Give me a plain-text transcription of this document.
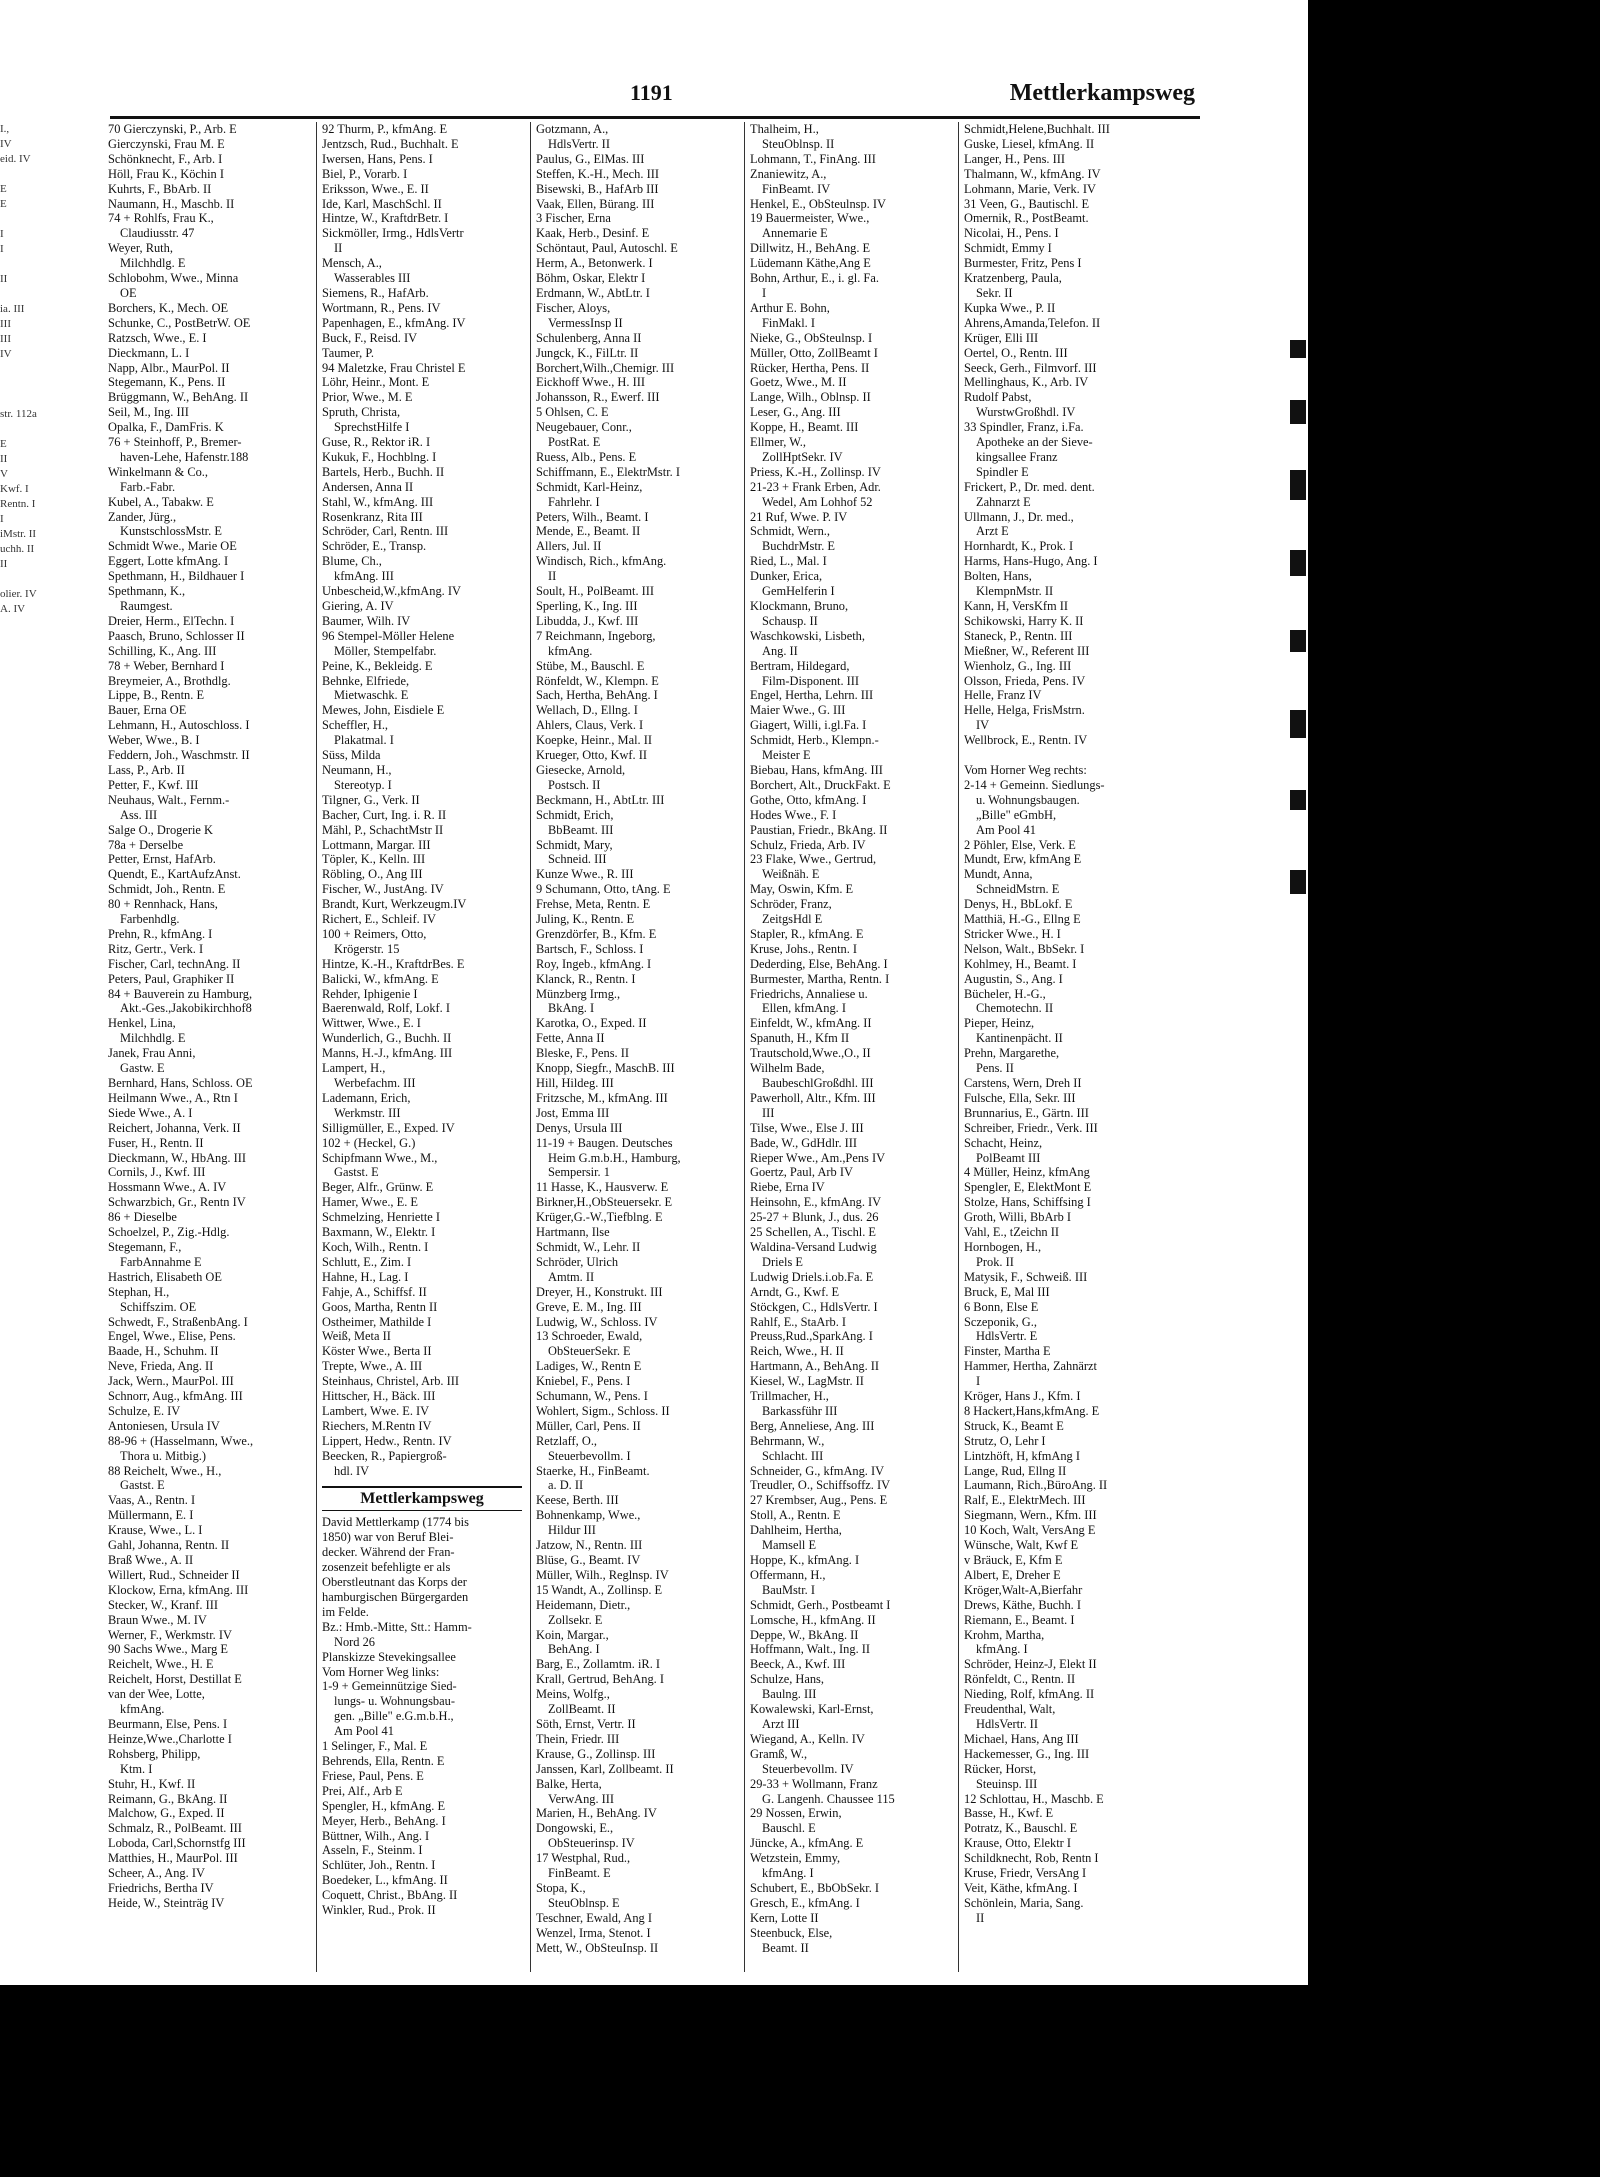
1191	Mettlerkampsweg
I.,
IV
eid. IV

E
E

I
I

II

ia. III
III
III
IV

str. 112a

E
II
V
Kwf. I
Rentn. I
I
iMstr. II
uchh. II
II

olier. IV
A. IV
70 Gierczynski, P., Arb. E
Gierczynski, Frau M. E
Schönknecht, F., Arb. I
Höll, Frau K., Köchin I
Kuhrts, F., BbArb. II
Naumann, H., Maschb. II
74 + Rohlfs, Frau K.,
Claudiusstr. 47
Weyer, Ruth,
Milchhdlg. E
Schlobohm, Wwe., Minna
OE
Borchers, K., Mech. OE
Schunke, C., PostBetrW. OE
Ratzsch, Wwe., E. I
Dieckmann, L. I
Napp, Albr., MaurPol. II
Stegemann, K., Pens. II
Brüggmann, W., BehAng. II
Seil, M., Ing. III
Opalka, F., DamFris. K
76 + Steinhoff, P., Bremer-
haven-Lehe, Hafenstr.188
Winkelmann & Co.,
Farb.-Fabr.
Kubel, A., Tabakw. E
Zander, Jürg.,
KunstschlossMstr. E
Schmidt Wwe., Marie OE
Eggert, Lotte kfmAng. I
Spethmann, H., Bildhauer I
Spethmann, K.,
Raumgest.
Dreier, Herm., ElTechn. I
Paasch, Bruno, Schlosser II
Schilling, K., Ang. III
78 + Weber, Bernhard I
Breymeier, A., Brothdlg.
Lippe, B., Rentn. E
Bauer, Erna OE
Lehmann, H., Autoschloss. I
Weber, Wwe., B. I
Feddern, Joh., Waschmstr. II
Lass, P., Arb. II
Petter, F., Kwf. III
Neuhaus, Walt., Fernm.-
Ass. III
Salge O., Drogerie K
78a + Derselbe
Petter, Ernst, HafArb.
Quendt, E., KartAufzAnst.
Schmidt, Joh., Rentn. E
80 + Rennhack, Hans,
Farbenhdlg.
Prehn, R., kfmAng. I
Ritz, Gertr., Verk. I
Fischer, Carl, technAng. II
Peters, Paul, Graphiker II
84 + Bauverein zu Hamburg,
Akt.-Ges.,Jakobikirchhof8
Henkel, Lina,
Milchhdlg. E
Janek, Frau Anni,
Gastw. E
Bernhard, Hans, Schloss. OE
Heilmann Wwe., A., Rtn I
Siede Wwe., A. I
Reichert, Johanna, Verk. II
Fuser, H., Rentn. II
Dieckmann, W., HbAng. III
Cornils, J., Kwf. III
Hossmann Wwe., A. IV
Schwarzbich, Gr., Rentn IV
86 + Dieselbe
Schoelzel, P., Zig.-Hdlg.
Stegemann, F.,
FarbAnnahme E
Hastrich, Elisabeth OE
Stephan, H.,
Schiffszim. OE
Schwedt, F., StraßenbAng. I
Engel, Wwe., Elise, Pens.
Baade, H., Schuhm. II
Neve, Frieda, Ang. II
Jack, Wern., MaurPol. III
Schnorr, Aug., kfmAng. III
Schulze, E. IV
Antoniesen, Ursula IV
88-96 + (Hasselmann, Wwe.,
Thora u. Mitbig.)
88 Reichelt, Wwe., H.,
Gastst. E
Vaas, A., Rentn. I
Müllermann, E. I
Krause, Wwe., L. I
Gahl, Johanna, Rentn. II
Braß Wwe., A. II
Willert, Rud., Schneider II
Klockow, Erna, kfmAng. III
Stecker, W., Kranf. III
Braun Wwe., M. IV
Werner, F., Werkmstr. IV
90 Sachs Wwe., Marg E
Reichelt, Wwe., H. E
Reichelt, Horst, Destillat E
van der Wee, Lotte,
kfmAng.
Beurmann, Else, Pens. I
Heinze,Wwe.,Charlotte I
Rohsberg, Philipp,
Ktm. I
Stuhr, H., Kwf. II
Reimann, G., BkAng. II
Malchow, G., Exped. II
Schmalz, R., PolBeamt. III
Loboda, Carl,Schornstfg III
Matthies, H., MaurPol. III
Scheer, A., Ang. IV
Friedrichs, Bertha IV
Heide, W., Steinträg IV
92 Thurm, P., kfmAng. E
Jentzsch, Rud., Buchhalt. E
Iwersen, Hans, Pens. I
Biel, P., Vorarb. I
Eriksson, Wwe., E. II
Ide, Karl, MaschSchl. II
Hintze, W., KraftdrBetr. I
Sickmöller, Irmg., HdlsVertr
II
Mensch, A.,
Wasserables III
Siemens, R., HafArb.
Wortmann, R., Pens. IV
Papenhagen, E., kfmAng. IV
Buck, F., Reisd. IV
Taumer, P.
94 Maletzke, Frau Christel E
Löhr, Heinr., Mont. E
Prior, Wwe., M. E
Spruth, Christa,
SprechstHilfe I
Guse, R., Rektor iR. I
Kukuk, F., Hochblng. I
Bartels, Herb., Buchh. II
Andersen, Anna II
Stahl, W., kfmAng. III
Rosenkranz, Rita III
Schröder, Carl, Rentn. III
Schröder, E., Transp.
Blume, Ch.,
kfmAng. III
Unbescheid,W.,kfmAng. IV
Giering, A. IV
Baumer, Wilh. IV
96 Stempel-Möller Helene
Möller, Stempelfabr.
Peine, K., Bekleidg. E
Behnke, Elfriede,
Mietwaschk. E
Mewes, John, Eisdiele E
Scheffler, H.,
Plakatmal. I
Süss, Milda
Neumann, H.,
Stereotyp. I
Tilgner, G., Verk. II
Bacher, Curt, Ing. i. R. II
Mähl, P., SchachtMstr II
Lottmann, Margar. III
Töpler, K., Kelln. III
Röbling, O., Ang III
Fischer, W., JustAng. IV
Brandt, Kurt, Werkzeugm.IV
Richert, E., Schleif. IV
100 + Reimers, Otto,
Krögerstr. 15
Hintze, K.-H., KraftdrBes. E
Balicki, W., kfmAng. E
Rehder, Iphigenie I
Baerenwald, Rolf, Lokf. I
Wittwer, Wwe., E. I
Wunderlich, G., Buchh. II
Manns, H.-J., kfmAng. III
Lampert, H.,
Werbefachm. III
Lademann, Erich,
Werkmstr. III
Silligmüller, E., Exped. IV
102 + (Heckel, G.)
Schipfmann Wwe., M.,
Gastst. E
Beger, Alfr., Grünw. E
Hamer, Wwe., E. E
Schmelzing, Henriette I
Baxmann, W., Elektr. I
Koch, Wilh., Rentn. I
Schlutt, E., Zim. I
Hahne, H., Lag. I
Fahje, A., Schiffsf. II
Goos, Martha, Rentn II
Ostheimer, Mathilde I
Weiß, Meta II
Köster Wwe., Berta II
Trepte, Wwe., A. III
Steinhaus, Christel, Arb. III
Hittscher, H., Bäck. III
Lambert, Wwe. E. IV
Riechers, M.Rentn IV
Lippert, Hedw., Rentn. IV
Beecken, R., Papiergroß-
hdl. IV
Mettlerkampsweg
David Mettlerkamp (1774 bis
1850) war von Beruf Blei-
decker. Während der Fran-
zosenzeit befehligte er als
Oberstleutnant das Korps der
hamburgischen Bürgergarden
im Felde.
Bz.: Hmb.-Mitte, Stt.: Hamm-
Nord 26
Planskizze Stevekingsallee
Vom Horner Weg links:
1-9 + Gemeinnützige Sied-
lungs- u. Wohnungsbau-
gen. „Bille" e.G.m.b.H.,
Am Pool 41
1 Selinger, F., Mal. E
Behrends, Ella, Rentn. E
Friese, Paul, Pens. E
Prei, Alf., Arb E
Spengler, H., kfmAng. E
Meyer, Herb., BehAng. I
Büttner, Wilh., Ang. I
Asseln, F., Steinm. I
Schlüter, Joh., Rentn. I
Boedeker, L., kfmAng. II
Coquett, Christ., BbAng. II
Winkler, Rud., Prok. II
Gotzmann, A.,
HdlsVertr. II
Paulus, G., ElMas. III
Steffen, K.-H., Mech. III
Bisewski, B., HafArb III
Vaak, Ellen, Bürang. III
3 Fischer, Erna
Kaak, Herb., Desinf. E
Schöntaut, Paul, Autoschl. E
Herm, A., Betonwerk. I
Böhm, Oskar, Elektr I
Erdmann, W., AbtLtr. I
Fischer, Aloys,
VermessInsp II
Schulenberg, Anna II
Jungck, K., FilLtr. II
Borchert,Wilh.,Chemigr. III
Eickhoff Wwe., H. III
Johansson, R., Ewerf. III
5 Ohlsen, C. E
Neugebauer, Conr.,
PostRat. E
Ruess, Alb., Pens. E
Schiffmann, E., ElektrMstr. I
Schmidt, Karl-Heinz,
Fahrlehr. I
Peters, Wilh., Beamt. I
Mende, E., Beamt. II
Allers, Jul. II
Windisch, Rich., kfmAng.
II
Soult, H., PolBeamt. III
Sperling, K., Ing. III
Libudda, J., Kwf. III
7 Reichmann, Ingeborg,
kfmAng.
Stübe, M., Bauschl. E
Rönfeldt, W., Klempn. E
Sach, Hertha, BehAng. I
Wellach, D., Ellng. I
Ahlers, Claus, Verk. I
Koepke, Heinr., Mal. II
Krueger, Otto, Kwf. II
Giesecke, Arnold,
Postsch. II
Beckmann, H., AbtLtr. III
Schmidt, Erich,
BbBeamt. III
Schmidt, Mary,
Schneid. III
Kunze Wwe., R. III
9 Schumann, Otto, tAng. E
Frehse, Meta, Rentn. E
Juling, K., Rentn. E
Grenzdörfer, B., Kfm. E
Bartsch, F., Schloss. I
Roy, Ingeb., kfmAng. I
Klanck, R., Rentn. I
Münzberg Irmg.,
BkAng. I
Karotka, O., Exped. II
Fette, Anna II
Bleske, F., Pens. II
Knopp, Siegfr., MaschB. III
Hill, Hildeg. III
Fritzsche, M., kfmAng. III
Jost, Emma III
Denys, Ursula III
11-19 + Baugen. Deutsches
Heim G.m.b.H., Hamburg,
Sempersir. 1
11 Hasse, K., Hausverw. E
Birkner,H.,ObSteuersekr. E
Krüger,G.-W.,Tiefblng. E
Hartmann, Ilse
Schmidt, W., Lehr. II
Schröder, Ulrich
Amtm. II
Dreyer, H., Konstrukt. III
Greve, E. M., Ing. III
Ludwig, W., Schloss. IV
13 Schroeder, Ewald,
ObSteuerSekr. E
Ladiges, W., Rentn E
Kniebel, F., Pens. I
Schumann, W., Pens. I
Wohlert, Sigm., Schloss. II
Müller, Carl, Pens. II
Retzlaff, O.,
Steuerbevollm. I
Staerke, H., FinBeamt.
a. D. II
Keese, Berth. III
Bohnenkamp, Wwe.,
Hildur III
Jatzow, N., Rentn. III
Blüse, G., Beamt. IV
Müller, Wilh., Reglnsp. IV
15 Wandt, A., Zollinsp. E
Heidemann, Dietr.,
Zollsekr. E
Koin, Margar.,
BehAng. I
Barg, E., Zollamtm. iR. I
Krall, Gertrud, BehAng. I
Meins, Wolfg.,
ZollBeamt. II
Söth, Ernst, Vertr. II
Thein, Friedr. III
Krause, G., Zollinsp. III
Janssen, Karl, Zollbeamt. II
Balke, Herta,
VerwAng. III
Marien, H., BehAng. IV
Dongowski, E.,
ObSteuerinsp. IV
17 Westphal, Rud.,
FinBeamt. E
Stopa, K.,
SteuOblnsp. E
Teschner, Ewald, Ang I
Wenzel, Irma, Stenot. I
Mett, W., ObSteuInsp. II
Thalheim, H.,
SteuOblnsp. II
Lohmann, T., FinAng. III
Znaniewitz, A.,
FinBeamt. IV
Henkel, E., ObSteulnsp. IV
19 Bauermeister, Wwe.,
Annemarie E
Dillwitz, H., BehAng. E
Lüdemann Käthe,Ang E
Bohn, Arthur, E., i. gl. Fa.
I
Arthur E. Bohn,
FinMakl. I
Nieke, G., ObSteulnsp. I
Müller, Otto, ZollBeamt I
Rücker, Hertha, Pens. II
Goetz, Wwe., M. II
Lange, Wilh., Oblnsp. II
Leser, G., Ang. III
Koppe, H., Beamt. III
Ellmer, W.,
ZollHptSekr. IV
Priess, K.-H., Zollinsp. IV
21-23 + Frank Erben, Adr.
Wedel, Am Lohhof 52
21 Ruf, Wwe. P. IV
Schmidt, Wern.,
BuchdrMstr. E
Ried, L., Mal. I
Dunker, Erica,
GemHelferin I
Klockmann, Bruno,
Schausp. II
Waschkowski, Lisbeth,
Ang. II
Bertram, Hildegard,
Film-Disponent. III
Engel, Hertha, Lehrn. III
Maier Wwe., G. III
Giagert, Willi, i.gl.Fa. I
Schmidt, Herb., Klempn.-
Meister E
Biebau, Hans, kfmAng. III
Borchert, Alt., DruckFakt. E
Gothe, Otto, kfmAng. I
Hodes Wwe., F. I
Paustian, Friedr., BkAng. II
Schulz, Frieda, Arb. IV
23 Flake, Wwe., Gertrud,
Weißnäh. E
May, Oswin, Kfm. E
Schröder, Franz,
ZeitgsHdl E
Stapler, R., kfmAng. E
Kruse, Johs., Rentn. I
Dederding, Else, BehAng. I
Burmester, Martha, Rentn. I
Friedrichs, Annaliese u.
Ellen, kfmAng. I
Einfeldt, W., kfmAng. II
Spanuth, H., Kfm II
Trautschold,Wwe.,O., II
Wilhelm Bade,
BaubeschlGroßdhl. III
Pawerholl, Altr., Kfm. III
III
Tilse, Wwe., Else J. III
Bade, W., GdHdlr. III
Rieper Wwe., Am.,Pens IV
Goertz, Paul, Arb IV
Riebe, Erna IV
Heinsohn, E., kfmAng. IV
25-27 + Blunk, J., dus. 26
25 Schellen, A., Tischl. E
Waldina-Versand Ludwig
Driels E
Ludwig Driels.i.ob.Fa. E
Arndt, G., Kwf. E
Stöckgen, C., HdlsVertr. I
Rahlf, E., StaArb. I
Preuss,Rud.,SparkAng. I
Reich, Wwe., H. II
Hartmann, A., BehAng. II
Kiesel, W., LagMstr. II
Trillmacher, H.,
Barkassführ III
Berg, Anneliese, Ang. III
Behrmann, W.,
Schlacht. III
Schneider, G., kfmAng. IV
Treudler, O., Schiffsoffz. IV
27 Krembser, Aug., Pens. E
Stoll, A., Rentn. E
Dahlheim, Hertha,
Mamsell E
Hoppe, K., kfmAng. I
Offermann, H.,
BauMstr. I
Schmidt, Gerh., Postbeamt I
Lomsche, H., kfmAng. II
Deppe, W., BkAng. II
Hoffmann, Walt., Ing. II
Beeck, A., Kwf. III
Schulze, Hans,
Baulng. III
Kowalewski, Karl-Ernst,
Arzt III
Wiegand, A., Kelln. IV
Gramß, W.,
Steuerbevollm. IV
29-33 + Wollmann, Franz
G. Langenh. Chaussee 115
29 Nossen, Erwin,
Bauschl. E
Jüncke, A., kfmAng. E
Wetzstein, Emmy,
kfmAng. I
Schubert, E., BbObSekr. I
Gresch, E., kfmAng. I
Kern, Lotte II
Steenbuck, Else,
Beamt. II
Schmidt,Helene,Buchhalt. III
Guske, Liesel, kfmAng. II
Langer, H., Pens. III
Thalmann, W., kfmAng. IV
Lohmann, Marie, Verk. IV
31 Veen, G., Bautischl. E
Omernik, R., PostBeamt.
Nicolai, H., Pens. I
Schmidt, Emmy I
Burmester, Fritz, Pens I
Kratzenberg, Paula,
Sekr. II
Kupka Wwe., P. II
Ahrens,Amanda,Telefon. II
Krüger, Elli III
Oertel, O., Rentn. III
Seeck, Gerh., Filmvorf. III
Mellinghaus, K., Arb. IV
Rudolf Pabst,
WurstwGroßhdl. IV
33 Spindler, Franz, i.Fa.
Apotheke an der Sieve-
kingsallee Franz
Spindler E
Frickert, P., Dr. med. dent.
Zahnarzt E
Ullmann, J., Dr. med.,
Arzt E
Hornhardt, K., Prok. I
Harms, Hans-Hugo, Ang. I
Bolten, Hans,
KlempnMstr. II
Kann, H, VersKfm II
Schikowski, Harry K. II
Staneck, P., Rentn. III
Mießner, W., Referent III
Wienholz, G., Ing. III
Olsson, Frieda, Pens. IV
Helle, Franz IV
Helle, Helga, FrisMstrn.
IV
Wellbrock, E., Rentn. IV

Vom Horner Weg rechts:
2-14 + Gemeinn. Siedlungs-
u. Wohnungsbaugen.
„Bille" eGmbH,
Am Pool 41
2 Pöhler, Else, Verk. E
Mundt, Erw, kfmAng E
Mundt, Anna,
SchneidMstrn. E
Denys, H., BbLokf. E
Matthiä, H.-G., Ellng E
Stricker Wwe., H. I
Nelson, Walt., BbSekr. I
Kohlmey, H., Beamt. I
Augustin, S., Ang. I
Bücheler, H.-G.,
Chemotechn. II
Pieper, Heinz,
Kantinenpächt. II
Prehn, Margarethe,
Pens. II
Carstens, Wern, Dreh II
Fulsche, Ella, Sekr. III
Brunnarius, E., Gärtn. III
Schreiber, Friedr., Verk. III
Schacht, Heinz,
PolBeamt III
4 Müller, Heinz, kfmAng
Spengler, E, ElektMont E
Stolze, Hans, Schiffsing I
Groth, Willi, BbArb I
Vahl, E., tZeichn II
Hornbogen, H.,
Prok. II
Matysik, F., Schweiß. III
Bruck, E, Mal III
6 Bonn, Else E
Sczeponik, G.,
HdlsVertr. E
Finster, Martha E
Hammer, Hertha, Zahnärzt
I
Kröger, Hans J., Kfm. I
8 Hackert,Hans,kfmAng. E
Struck, K., Beamt E
Strutz, O, Lehr I
Lintzhöft, H, kfmAng I
Lange, Rud, Ellng II
Laumann, Rich.,BüroAng. II
Ralf, E., ElektrMech. III
Siegmann, Wern., Kfm. III
10 Koch, Walt, VersAng E
Wünsche, Walt, Kwf E
v Bräuck, E, Kfm E
Albert, E, Dreher E
Kröger,Walt-A,Bierfahr
Drews, Käthe, Buchh. I
Riemann, E., Beamt. I
Krohm, Martha,
kfmAng. I
Schröder, Heinz-J, Elekt II
Rönfeldt, C., Rentn. II
Nieding, Rolf, kfmAng. II
Freudenthal, Walt,
HdlsVertr. II
Michael, Hans, Ang III
Hackemesser, G., Ing. III
Rücker, Horst,
Steuinsp. III
12 Schlottau, H., Maschb. E
Basse, H., Kwf. E
Potratz, K., Bauschl. E
Krause, Otto, Elektr I
Schildknecht, Rob, Rentn I
Kruse, Friedr, VersAng I
Veit, Käthe, kfmAng. I
Schönlein, Maria, Sang.
II
